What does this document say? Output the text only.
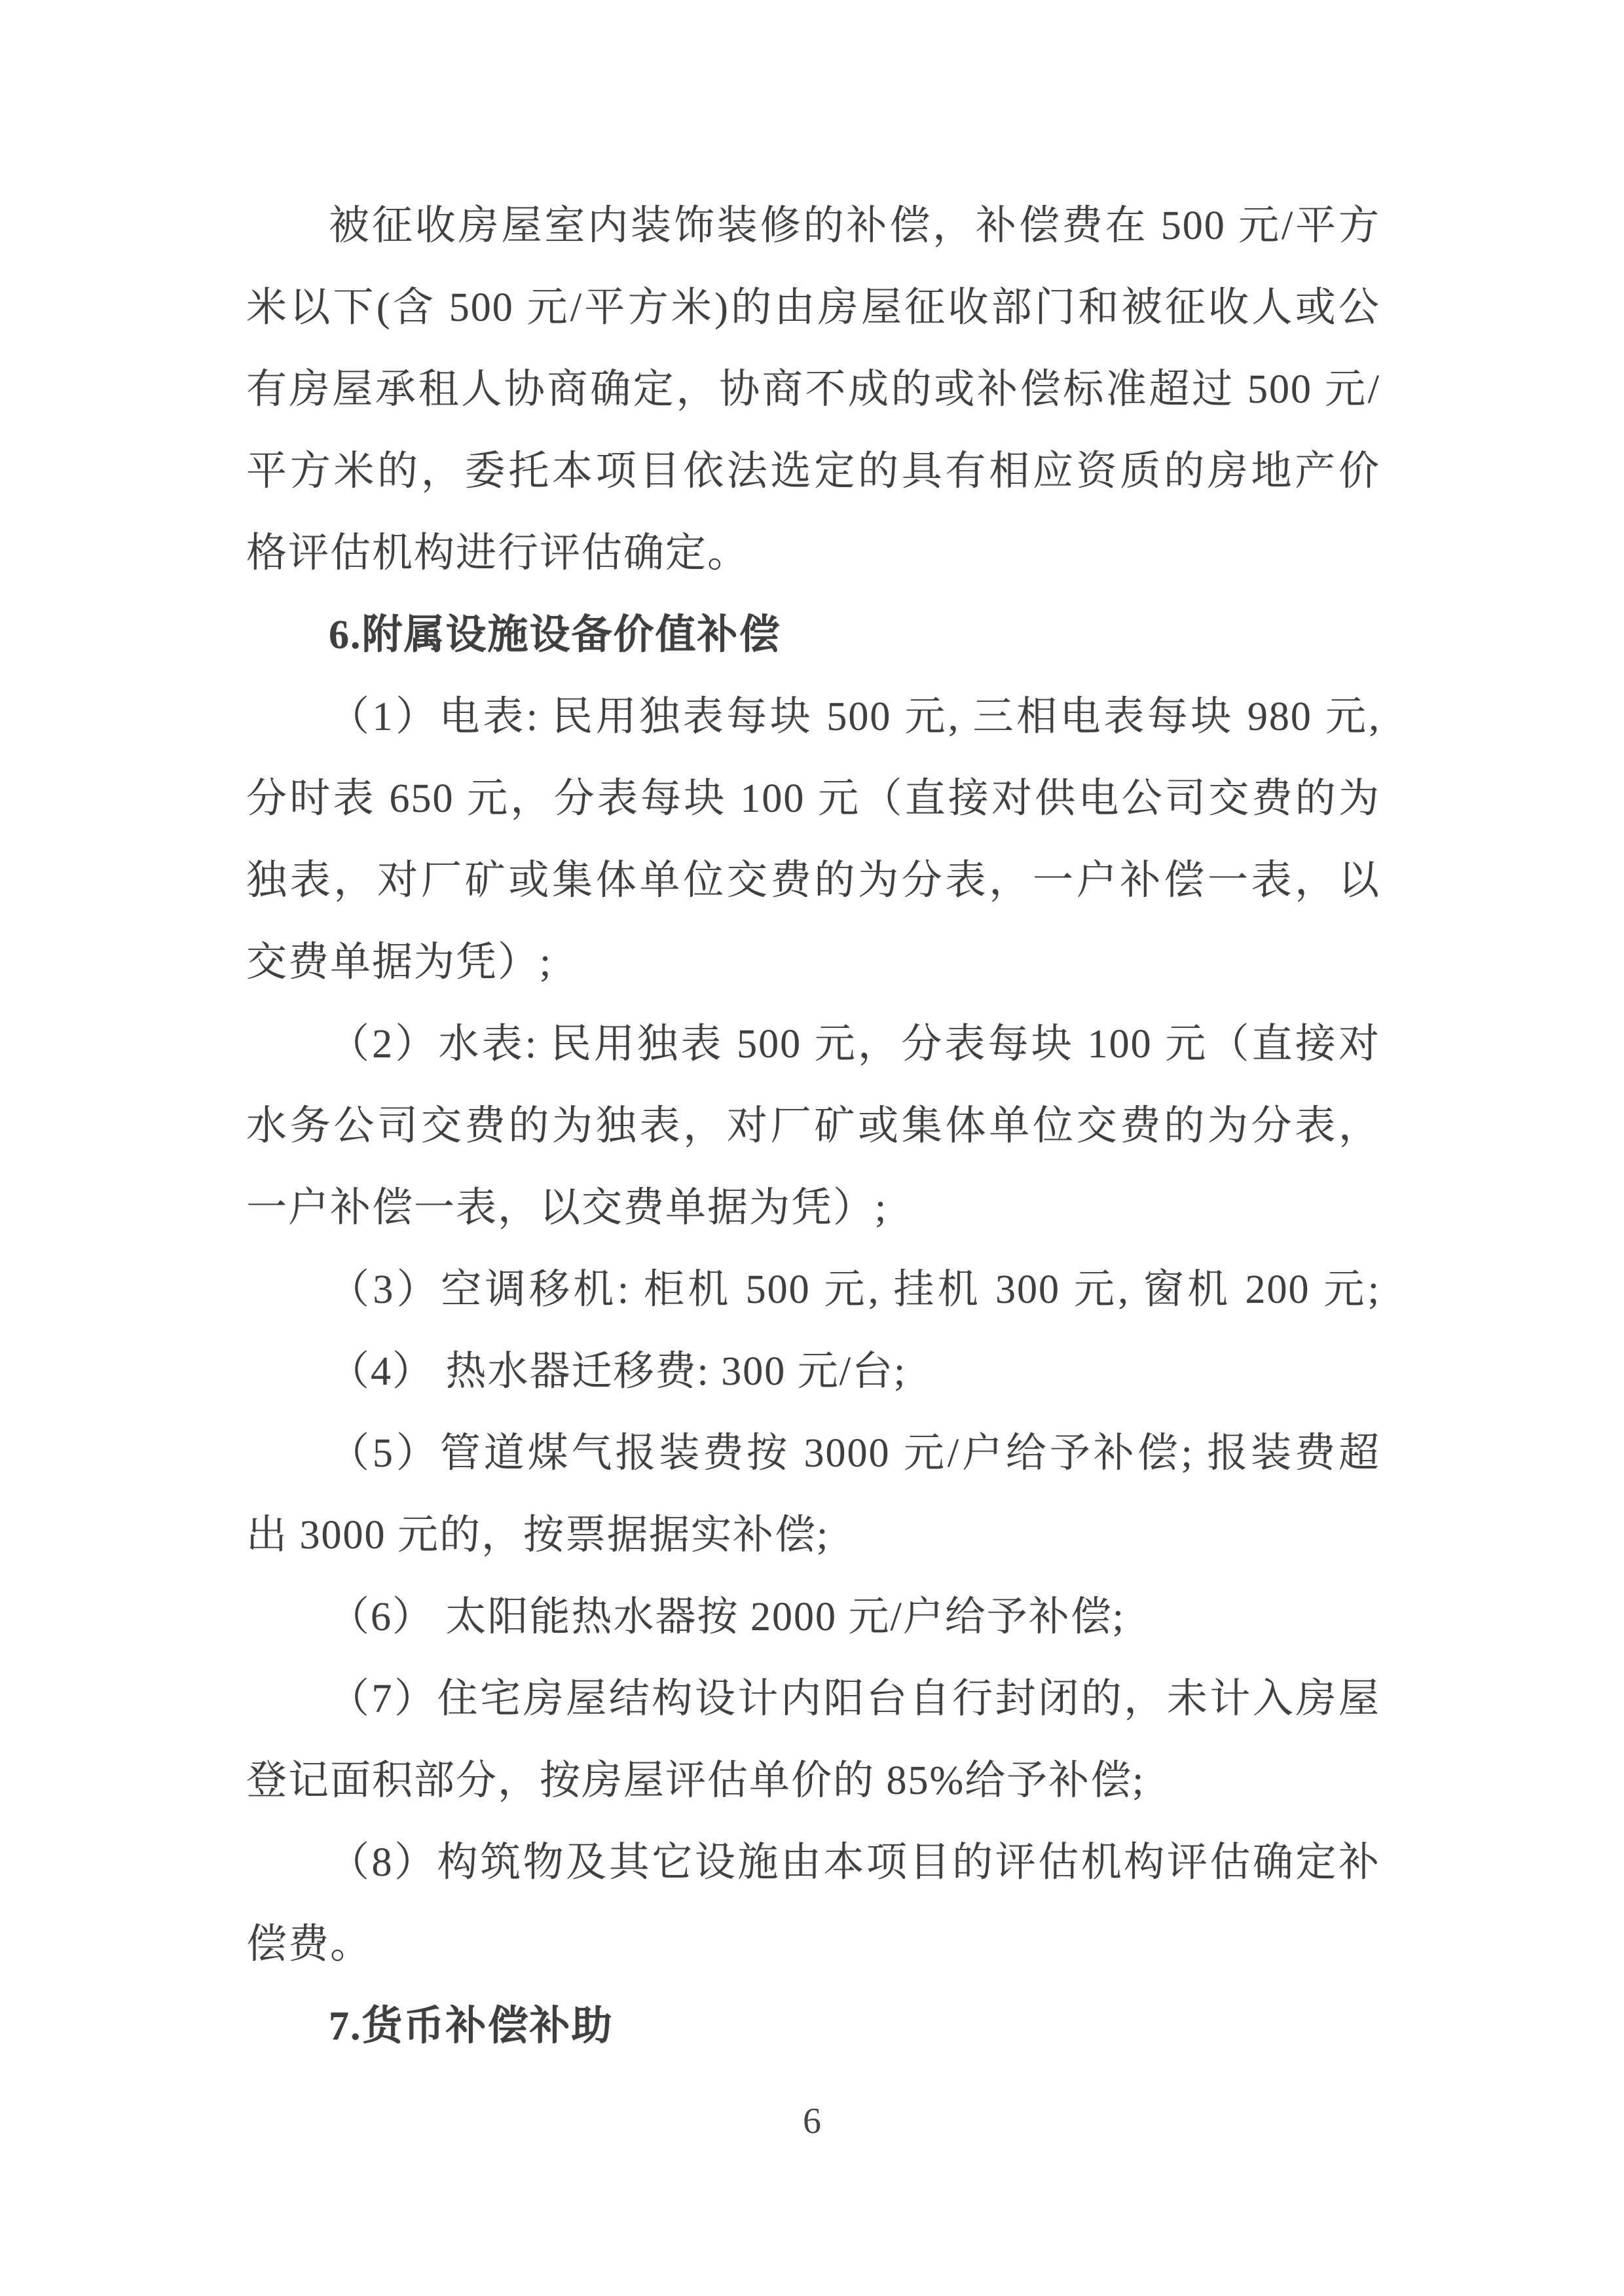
被征收房屋室内装饰装修的补偿，补偿费在 500 元/平方
米以下(含 500 元/平方米)的由房屋征收部门和被征收人或公
有房屋承租人协商确定，协商不成的或补偿标准超过 500 元/
平方米的，委托本项目依法选定的具有相应资质的房地产价
格评估机构进行评估确定。
6.附属设施设备价值补偿
（1）电表: 民用独表每块 500 元, 三相电表每块 980 元,
分时表 650 元，分表每块 100 元（直接对供电公司交费的为
独表，对厂矿或集体单位交费的为分表，一户补偿一表，以
交费单据为凭）;
（2）水表: 民用独表 500 元，分表每块 100 元（直接对
水务公司交费的为独表，对厂矿或集体单位交费的为分表，
一户补偿一表，以交费单据为凭）;
（3）空调移机: 柜机 500 元, 挂机 300 元, 窗机 200 元;
（4） 热水器迁移费: 300 元/台;
（5）管道煤气报装费按 3000 元/户给予补偿; 报装费超
出 3000 元的，按票据据实补偿;
（6） 太阳能热水器按 2000 元/户给予补偿;
（7）住宅房屋结构设计内阳台自行封闭的，未计入房屋
登记面积部分，按房屋评估单价的 85%给予补偿;
（8）构筑物及其它设施由本项目的评估机构评估确定补
偿费。
7.货币补偿补助
6
